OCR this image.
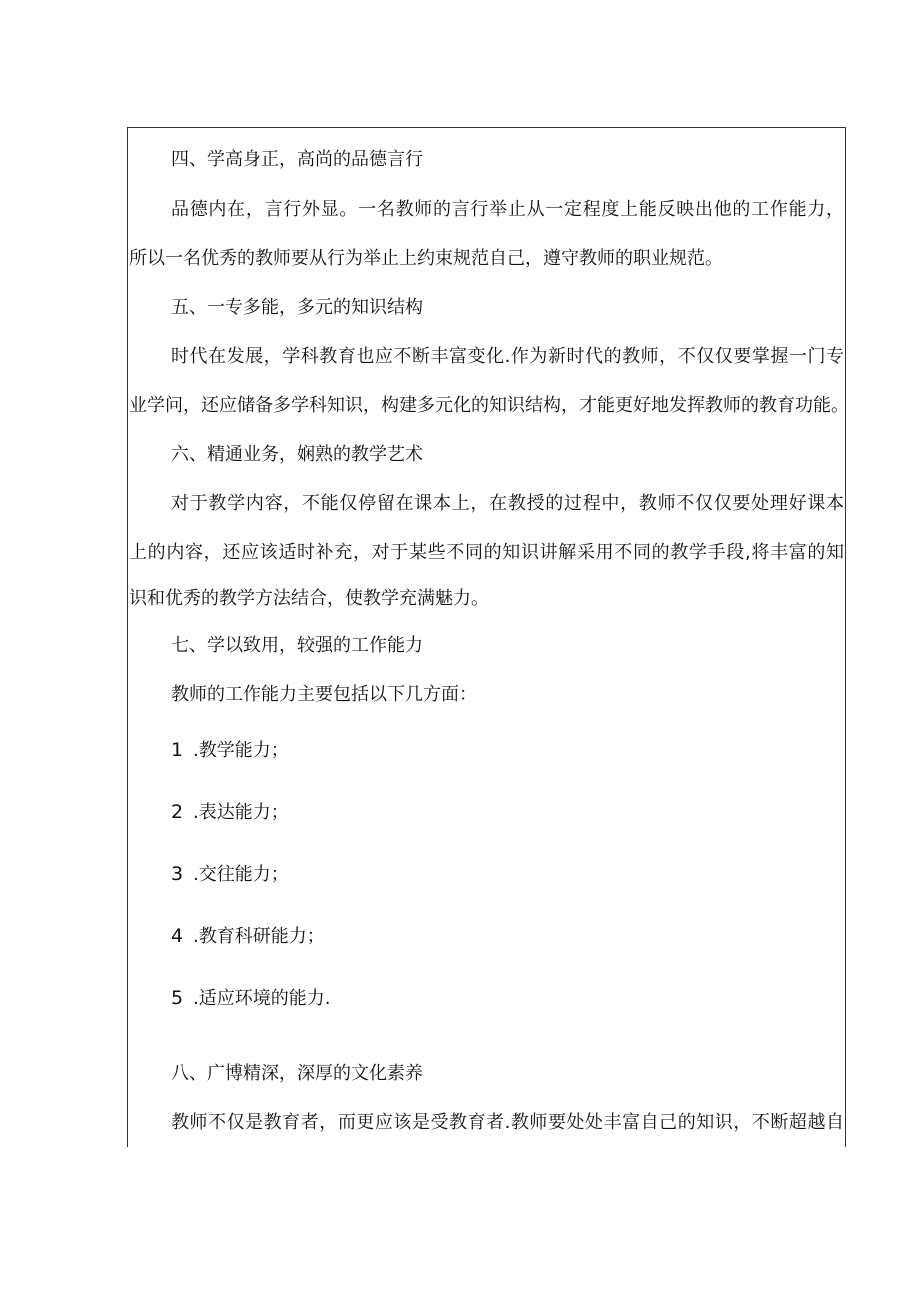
四、学高身正，高尚的品德言行
品德内在，言行外显。一名教师的言行举止从一定程度上能反映出他的工作能力，
所以一名优秀的教师要从行为举止上约束规范自己，遵守教师的职业规范。
五、一专多能，多元的知识结构
时代在发展，学科教育也应不断丰富变化.作为新时代的教师，不仅仅要掌握一门专
业学问，还应储备多学科知识，构建多元化的知识结构，才能更好地发挥教师的教育功能。
六、精通业务，娴熟的教学艺术
对于教学内容，不能仅停留在课本上，在教授的过程中，教师不仅仅要处理好课本
上的内容，还应该适时补充，对于某些不同的知识讲解采用不同的教学手段,将丰富的知
识和优秀的教学方法结合，使教学充满魅力。
七、学以致用，较强的工作能力
教师的工作能力主要包括以下几方面：
1 .教学能力；
2 .表达能力；
3 .交往能力；
4 .教育科研能力；
5 .适应环境的能力.
八、广博精深，深厚的文化素养
教师不仅是教育者，而更应该是受教育者.教师要处处丰富自己的知识，不断超越自
